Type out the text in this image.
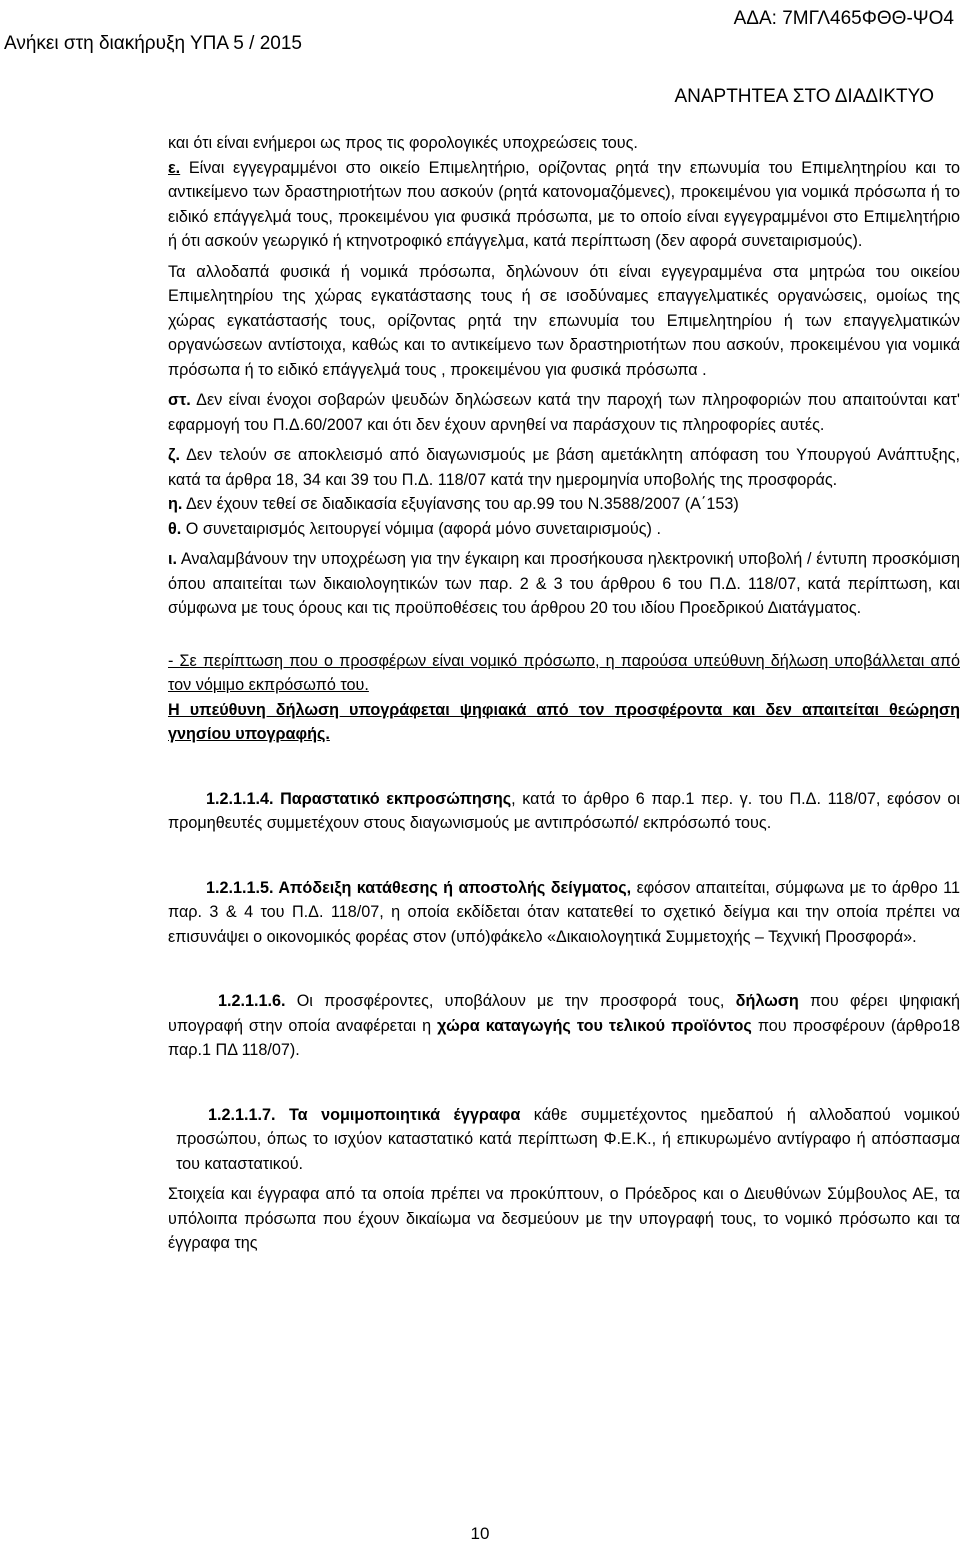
Ανήκει στη διακήρυξη ΥΠΑ 5 / 2015
ΑΔΑ: 7ΜΓΛ465ΦΘΘ-ΨΟ4
ΑΝΑΡΤΗΤΕΑ ΣΤΟ ΔΙΑΔΙΚΤΥΟ

και ότι είναι ενήμεροι ως προς τις φορολογικές υποχρεώσεις τους.

ε. Είναι εγγεγραμμένοι στο οικείο Επιμελητήριο, ορίζοντας ρητά την επωνυμία του Επιμελητηρίου και το αντικείμενο των δραστηριοτήτων που ασκούν (ρητά κατονομαζόμενες), προκειμένου για νομικά πρόσωπα ή το ειδικό επάγγελμά τους, προκειμένου για φυσικά πρόσωπα, με το οποίο είναι εγγεγραμμένοι στο Επιμελητήριο ή ότι ασκούν γεωργικό ή κτηνοτροφικό επάγγελμα, κατά περίπτωση (δεν αφορά συνεταιρισμούς).

Τα αλλοδαπά φυσικά ή νομικά πρόσωπα, δηλώνουν ότι είναι εγγεγραμμένα στα μητρώα του οικείου Επιμελητηρίου της χώρας εγκατάστασης τους ή σε ισοδύναμες επαγγελματικές οργανώσεις, ομοίως της χώρας εγκατάστασής τους, ορίζοντας ρητά την επωνυμία του Επιμελητηρίου ή των επαγγελματικών οργανώσεων αντίστοιχα, καθώς και το αντικείμενο των δραστηριοτήτων που ασκούν, προκειμένου για νομικά πρόσωπα ή το ειδικό επάγγελμά τους , προκειμένου για φυσικά πρόσωπα .

στ. Δεν είναι ένοχοι σοβαρών ψευδών δηλώσεων κατά την παροχή των πληροφοριών που απαιτούνται κατ' εφαρμογή του Π.Δ.60/2007 και ότι δεν έχουν αρνηθεί να παράσχουν τις πληροφορίες αυτές.

ζ. Δεν τελούν σε αποκλεισμό από διαγωνισμούς με βάση αμετάκλητη απόφαση του Υπουργού Ανάπτυξης, κατά τα άρθρα 18, 34 και 39 του Π.Δ. 118/07 κατά την ημερομηνία υποβολής της προσφοράς.

η. Δεν έχουν τεθεί σε διαδικασία εξυγίανσης του αρ.99 του Ν.3588/2007 (Α΄153)

θ. Ο συνεταιρισμός λειτουργεί νόμιμα (αφορά μόνο συνεταιρισμούς) .

ι. Αναλαμβάνουν την υποχρέωση για την έγκαιρη και προσήκουσα ηλεκτρονική υποβολή / έντυπη προσκόμιση όπου απαιτείται των δικαιολογητικών των παρ. 2 & 3 του άρθρου 6 του Π.Δ. 118/07, κατά περίπτωση, και σύμφωνα με τους όρους και τις προϋποθέσεις του άρθρου 20 του ιδίου Προεδρικού Διατάγματος.

- Σε περίπτωση που ο προσφέρων είναι νομικό πρόσωπο, η παρούσα υπεύθυνη δήλωση υποβάλλεται από τον νόμιμο εκπρόσωπό του.

Η υπεύθυνη δήλωση υπογράφεται ψηφιακά από τον προσφέροντα και δεν απαιτείται θεώρηση γνησίου υπογραφής.

1.2.1.1.4. Παραστατικό εκπροσώπησης, κατά το άρθρο 6 παρ.1 περ. γ. του Π.Δ. 118/07, εφόσον οι προμηθευτές συμμετέχουν στους διαγωνισμούς με αντιπρόσωπό/ εκπρόσωπό τους.

1.2.1.1.5. Απόδειξη κατάθεσης ή αποστολής δείγματος, εφόσον απαιτείται, σύμφωνα με το άρθρο 11 παρ. 3 & 4 του Π.Δ. 118/07, η οποία εκδίδεται όταν κατατεθεί το σχετικό δείγμα και την οποία πρέπει να επισυνάψει ο οικονομικός φορέας στον (υπό)φάκελο «Δικαιολογητικά Συμμετοχής – Τεχνική Προσφορά».

1.2.1.1.6. Οι προσφέροντες, υποβάλουν με την προσφορά τους, δήλωση που φέρει ψηφιακή υπογραφή στην οποία αναφέρεται η χώρα καταγωγής του τελικού προϊόντος που προσφέρουν (άρθρο18 παρ.1 ΠΔ 118/07).

1.2.1.1.7. Τα νομιμοποιητικά έγγραφα κάθε συμμετέχοντος ημεδαπού ή αλλοδαπού νομικού προσώπου, όπως το ισχύον καταστατικό κατά περίπτωση Φ.Ε.Κ., ή επικυρωμένο αντίγραφο ή απόσπασμα του καταστατικού.

Στοιχεία και έγγραφα από τα οποία πρέπει να προκύπτουν, ο Πρόεδρος και ο Διευθύνων Σύμβουλος ΑΕ, τα υπόλοιπα πρόσωπα που έχουν δικαίωμα να δεσμεύουν με την υπογραφή τους, το νομικό πρόσωπο και τα έγγραφα της

10
